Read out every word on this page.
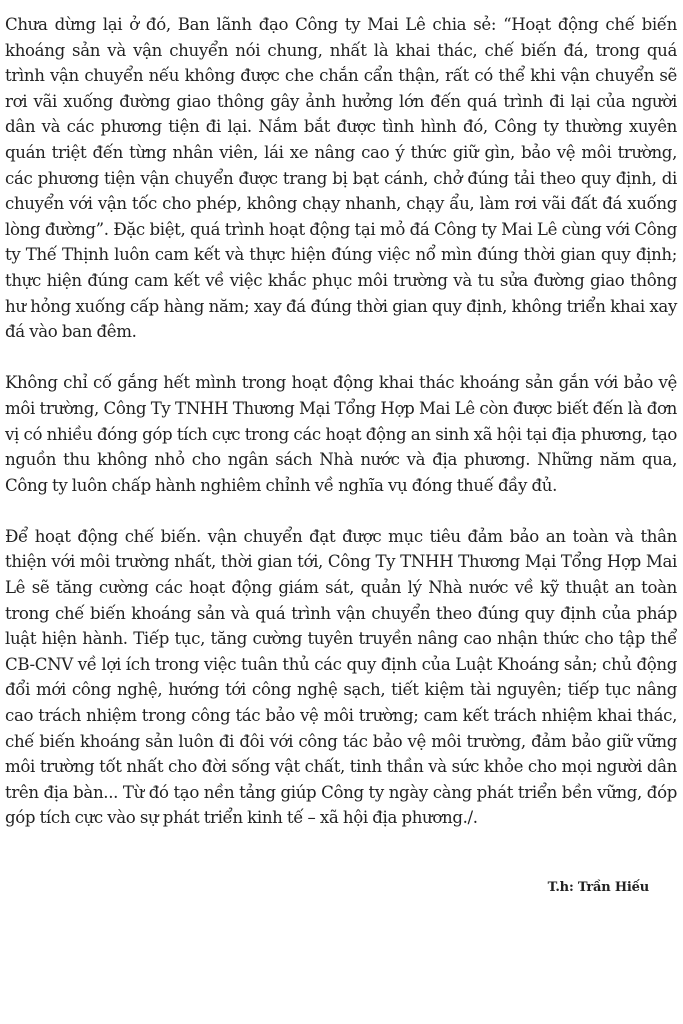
Chưa dừng lại ở đó, Ban lãnh đạo Công ty Mai Lê chia sẻ: “Hoạt động chế biến khoáng sản và vận chuyển nói chung, nhất là khai thác, chế biến đá, trong quá trình vận chuyển nếu không được che chắn cẩn thận, rất có thể khi vận chuyển sẽ rơi vãi xuống đường giao thông gây ảnh hưởng lớn đến quá trình đi lại của người dân và các phương tiện đi lại. Nắm bắt được tình hình đó, Công ty thường xuyên quán triệt đến từng nhân viên, lái xe nâng cao ý thức giữ gìn, bảo vệ môi trường, các phương tiện vận chuyển được trang bị bạt cánh, chở đúng tải theo quy định, di chuyển với vận tốc cho phép, không chạy nhanh, chạy ẩu, làm rơi vãi đất đá xuống lòng đường”. Đặc biệt, quá trình hoạt động tại mỏ đá Công ty Mai Lê cùng với Công ty Thế Thịnh luôn cam kết và thực hiện đúng việc nổ mìn đúng thời gian quy định; thực hiện đúng cam kết về việc khắc phục môi trường và tu sửa đường giao thông hư hỏng xuống cấp hàng năm; xay đá đúng thời gian quy định, không triển khai xay đá vào ban đêm.

Không chỉ cố gắng hết mình trong hoạt động khai thác khoáng sản gắn với bảo vệ môi trường, Công Ty TNHH Thương Mại Tổng Hợp Mai Lê còn được biết đến là đơn vị có nhiều đóng góp tích cực trong các hoạt động an sinh xã hội tại địa phương, tạo nguồn thu không nhỏ cho ngân sách Nhà nước và địa phương. Những năm qua, Công ty luôn chấp hành nghiêm chỉnh về nghĩa vụ đóng thuế đầy đủ.

Để hoạt động chế biến. vận chuyển đạt được mục tiêu đảm bảo an toàn và thân thiện với môi trường nhất, thời gian tới, Công Ty TNHH Thương Mại Tổng Hợp Mai Lê sẽ tăng cường các hoạt động giám sát, quản lý Nhà nước về kỹ thuật an toàn trong chế biến khoáng sản và quá trình vận chuyển theo đúng quy định của pháp luật hiện hành. Tiếp tục, tăng cường tuyên truyền nâng cao nhận thức cho tập thể CB-CNV về lợi ích trong việc tuân thủ các quy định của Luật Khoáng sản; chủ động đổi mới công nghệ, hướng tới công nghệ sạch, tiết kiệm tài nguyên; tiếp tục nâng cao trách nhiệm trong công tác bảo vệ môi trường; cam kết trách nhiệm khai thác, chế biến khoáng sản luôn đi đôi với công tác bảo vệ môi trường, đảm bảo giữ vững môi trường tốt nhất cho đời sống vật chất, tinh thần và sức khỏe cho mọi người dân trên địa bàn... Từ đó tạo nền tảng giúp Công ty ngày càng phát triển bền vững, đóp góp tích cực vào sự phát triển kinh tế – xã hội địa phương./.

T.h: Trần Hiếu
